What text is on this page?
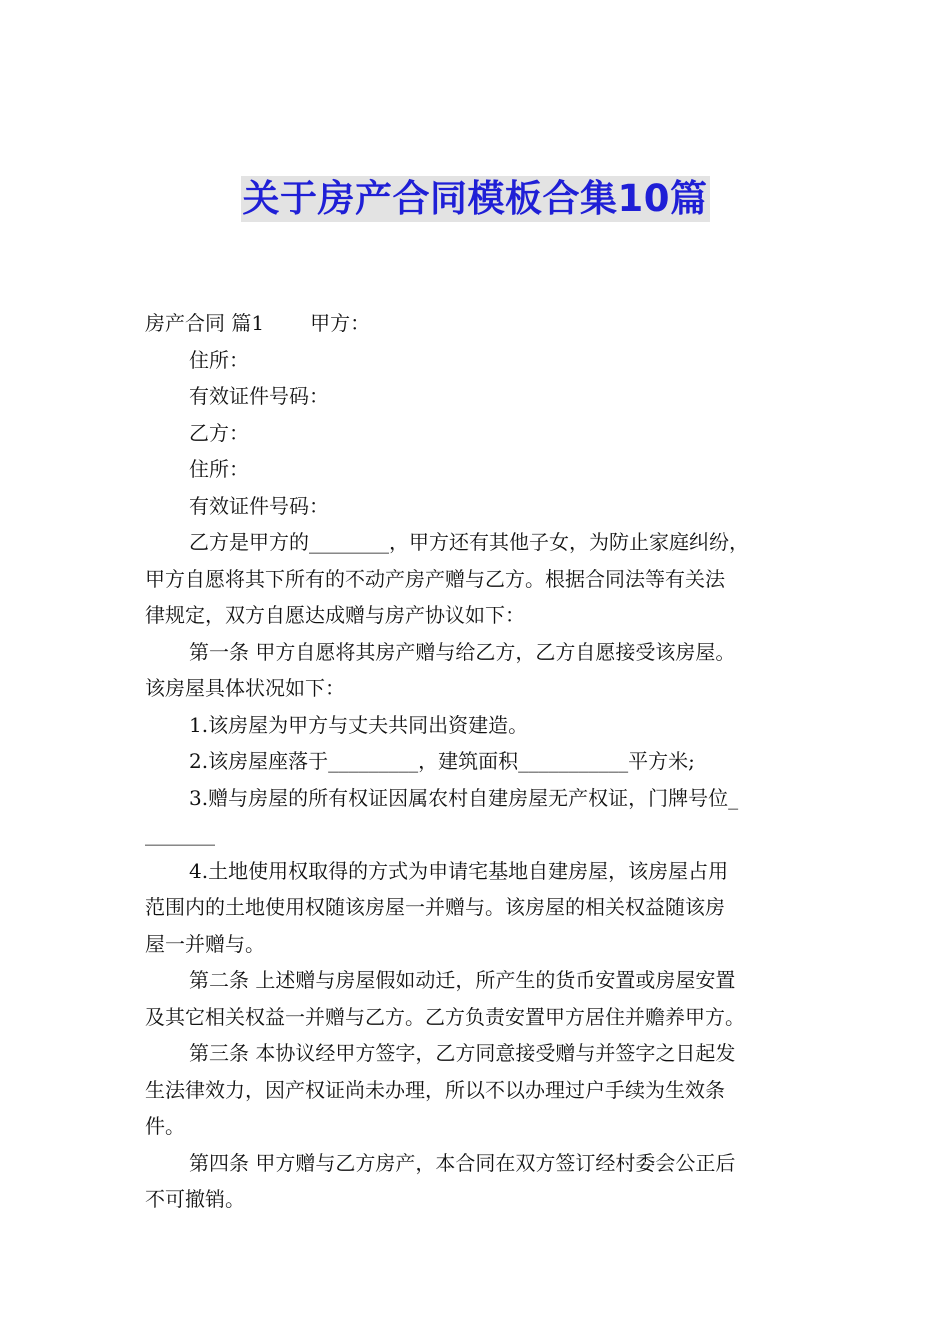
关于房产合同模板合集10篇
房产合同 篇1 甲方：
住所：
有效证件号码：
乙方：
住所：
有效证件号码：
乙方是甲方的________，甲方还有其他子女，为防止家庭纠纷，
甲方自愿将其下所有的不动产房产赠与乙方。根据合同法等有关法
律规定，双方自愿达成赠与房产协议如下：
第一条 甲方自愿将其房产赠与给乙方，乙方自愿接受该房屋。
该房屋具体状况如下：
1.该房屋为甲方与丈夫共同出资建造。
2.该房屋座落于_________，建筑面积___________平方米;
3.赠与房屋的所有权证因属农村自建房屋无产权证，门牌号位_
_______
4.土地使用权取得的方式为申请宅基地自建房屋，该房屋占用
范围内的土地使用权随该房屋一并赠与。该房屋的相关权益随该房
屋一并赠与。
第二条 上述赠与房屋假如动迁，所产生的货币安置或房屋安置
及其它相关权益一并赠与乙方。乙方负责安置甲方居住并赡养甲方。
第三条 本协议经甲方签字，乙方同意接受赠与并签字之日起发
生法律效力，因产权证尚未办理，所以不以办理过户手续为生效条
件。
第四条 甲方赠与乙方房产，本合同在双方签订经村委会公正后
不可撤销。
